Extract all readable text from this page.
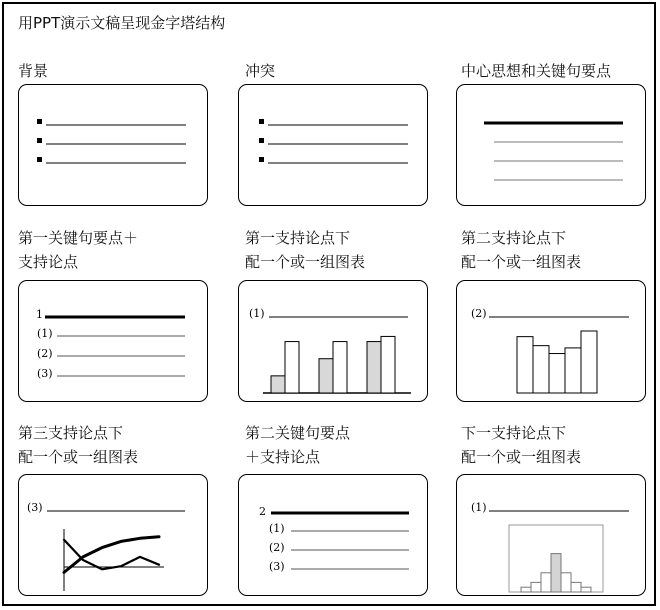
用PPT演示文稿呈现金字塔结构
背景	冲突	中心思想和关键句要点
第一关键句要点＋
支持论点
第一支持论点下
配一个或一组图表
第二支持论点下
配一个或一组图表
1
(1)
(2)
(3)
(1)	(2)
第三支持论点下
配一个或一组图表
第二关键句要点
＋支持论点
下一支持论点下
配一个或一组图表
(3)	2
(1)
(2)
(3)
(1)
